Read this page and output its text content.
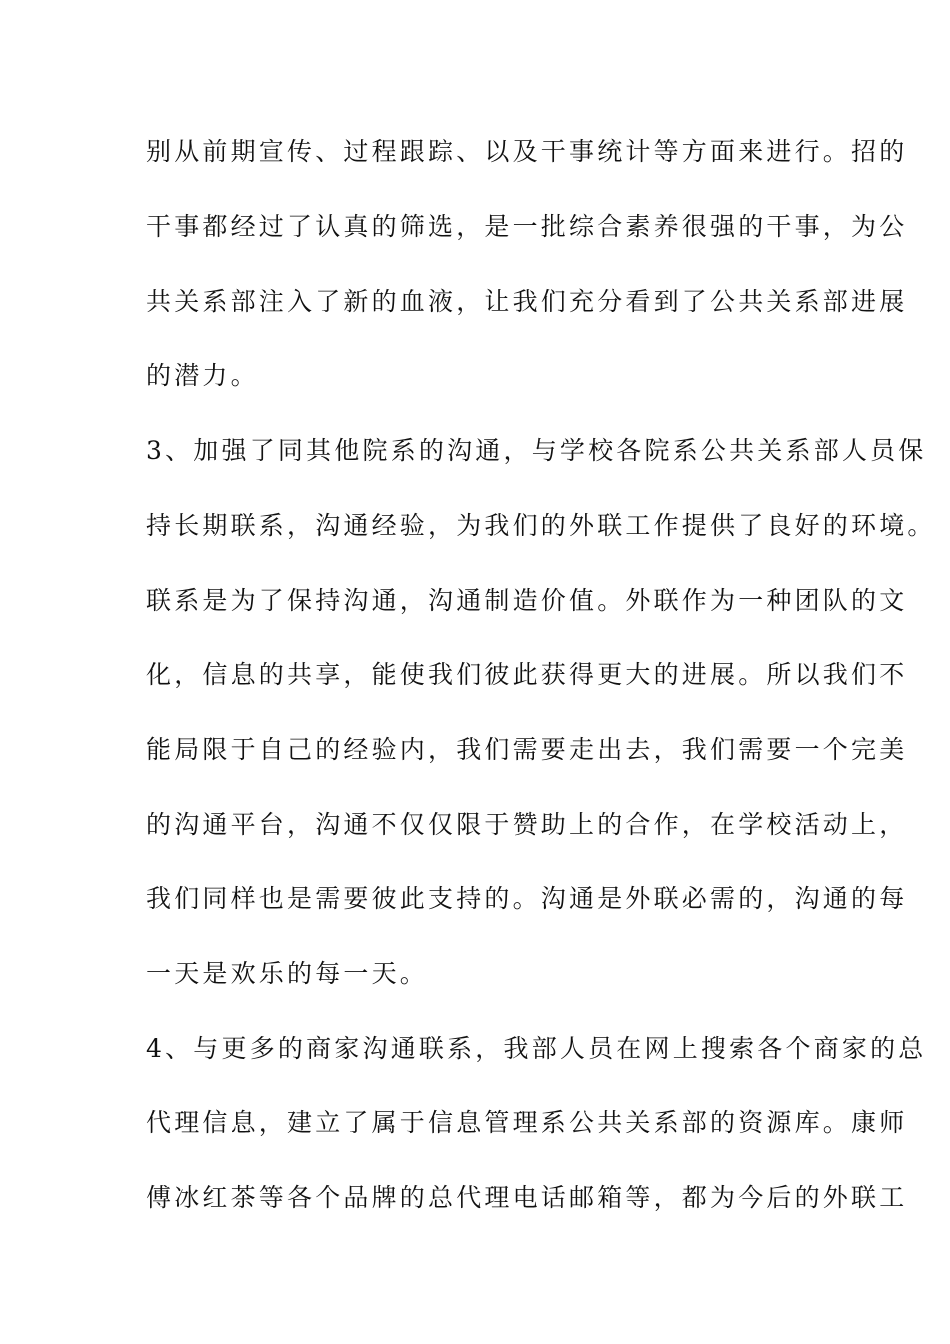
别从前期宣传、过程跟踪、以及干事统计等方面来进行。招的
干事都经过了认真的筛选，是一批综合素养很强的干事，为公
共关系部注入了新的血液，让我们充分看到了公共关系部进展
的潜力。
3、加强了同其他院系的沟通，与学校各院系公共关系部人员保
持长期联系，沟通经验，为我们的外联工作提供了良好的环境。
联系是为了保持沟通，沟通制造价值。外联作为一种团队的文
化，信息的共享，能使我们彼此获得更大的进展。所以我们不
能局限于自己的经验内，我们需要走出去，我们需要一个完美
的沟通平台，沟通不仅仅限于赞助上的合作，在学校活动上，
我们同样也是需要彼此支持的。沟通是外联必需的，沟通的每
一天是欢乐的每一天。
4、与更多的商家沟通联系，我部人员在网上搜索各个商家的总
代理信息，建立了属于信息管理系公共关系部的资源库。康师
傅冰红茶等各个品牌的总代理电话邮箱等，都为今后的外联工
